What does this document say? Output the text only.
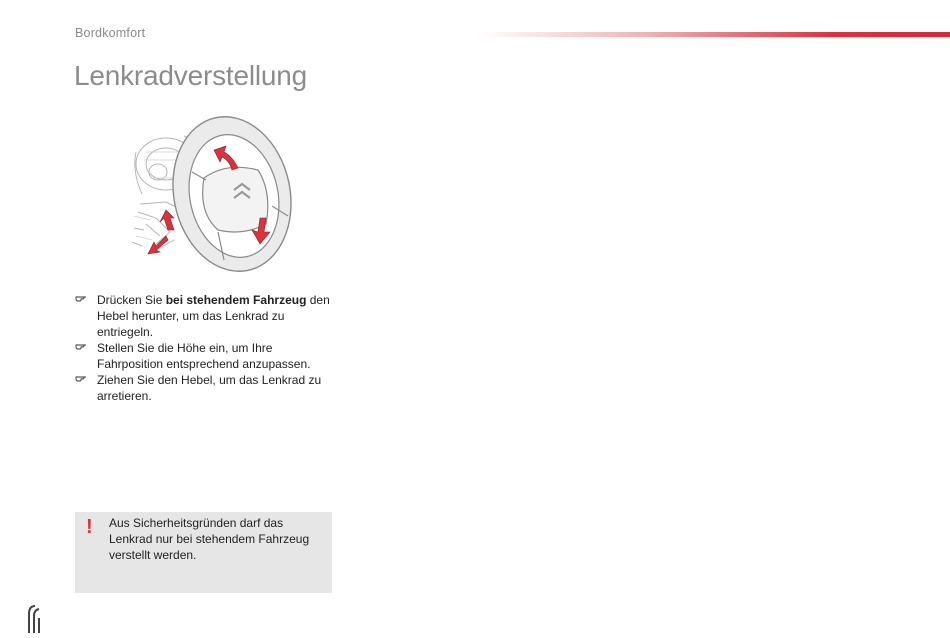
Bordkomfort
Lenkradverstellung
Drücken Sie bei stehendem Fahrzeug den Hebel herunter, um das Lenkrad zu entriegeln.
Stellen Sie die Höhe ein, um Ihre Fahrposition entsprechend anzupassen.
Ziehen Sie den Hebel, um das Lenkrad zu arretieren.
! Aus Sicherheitsgründen darf das Lenkrad nur bei stehendem Fahrzeug verstellt werden.
